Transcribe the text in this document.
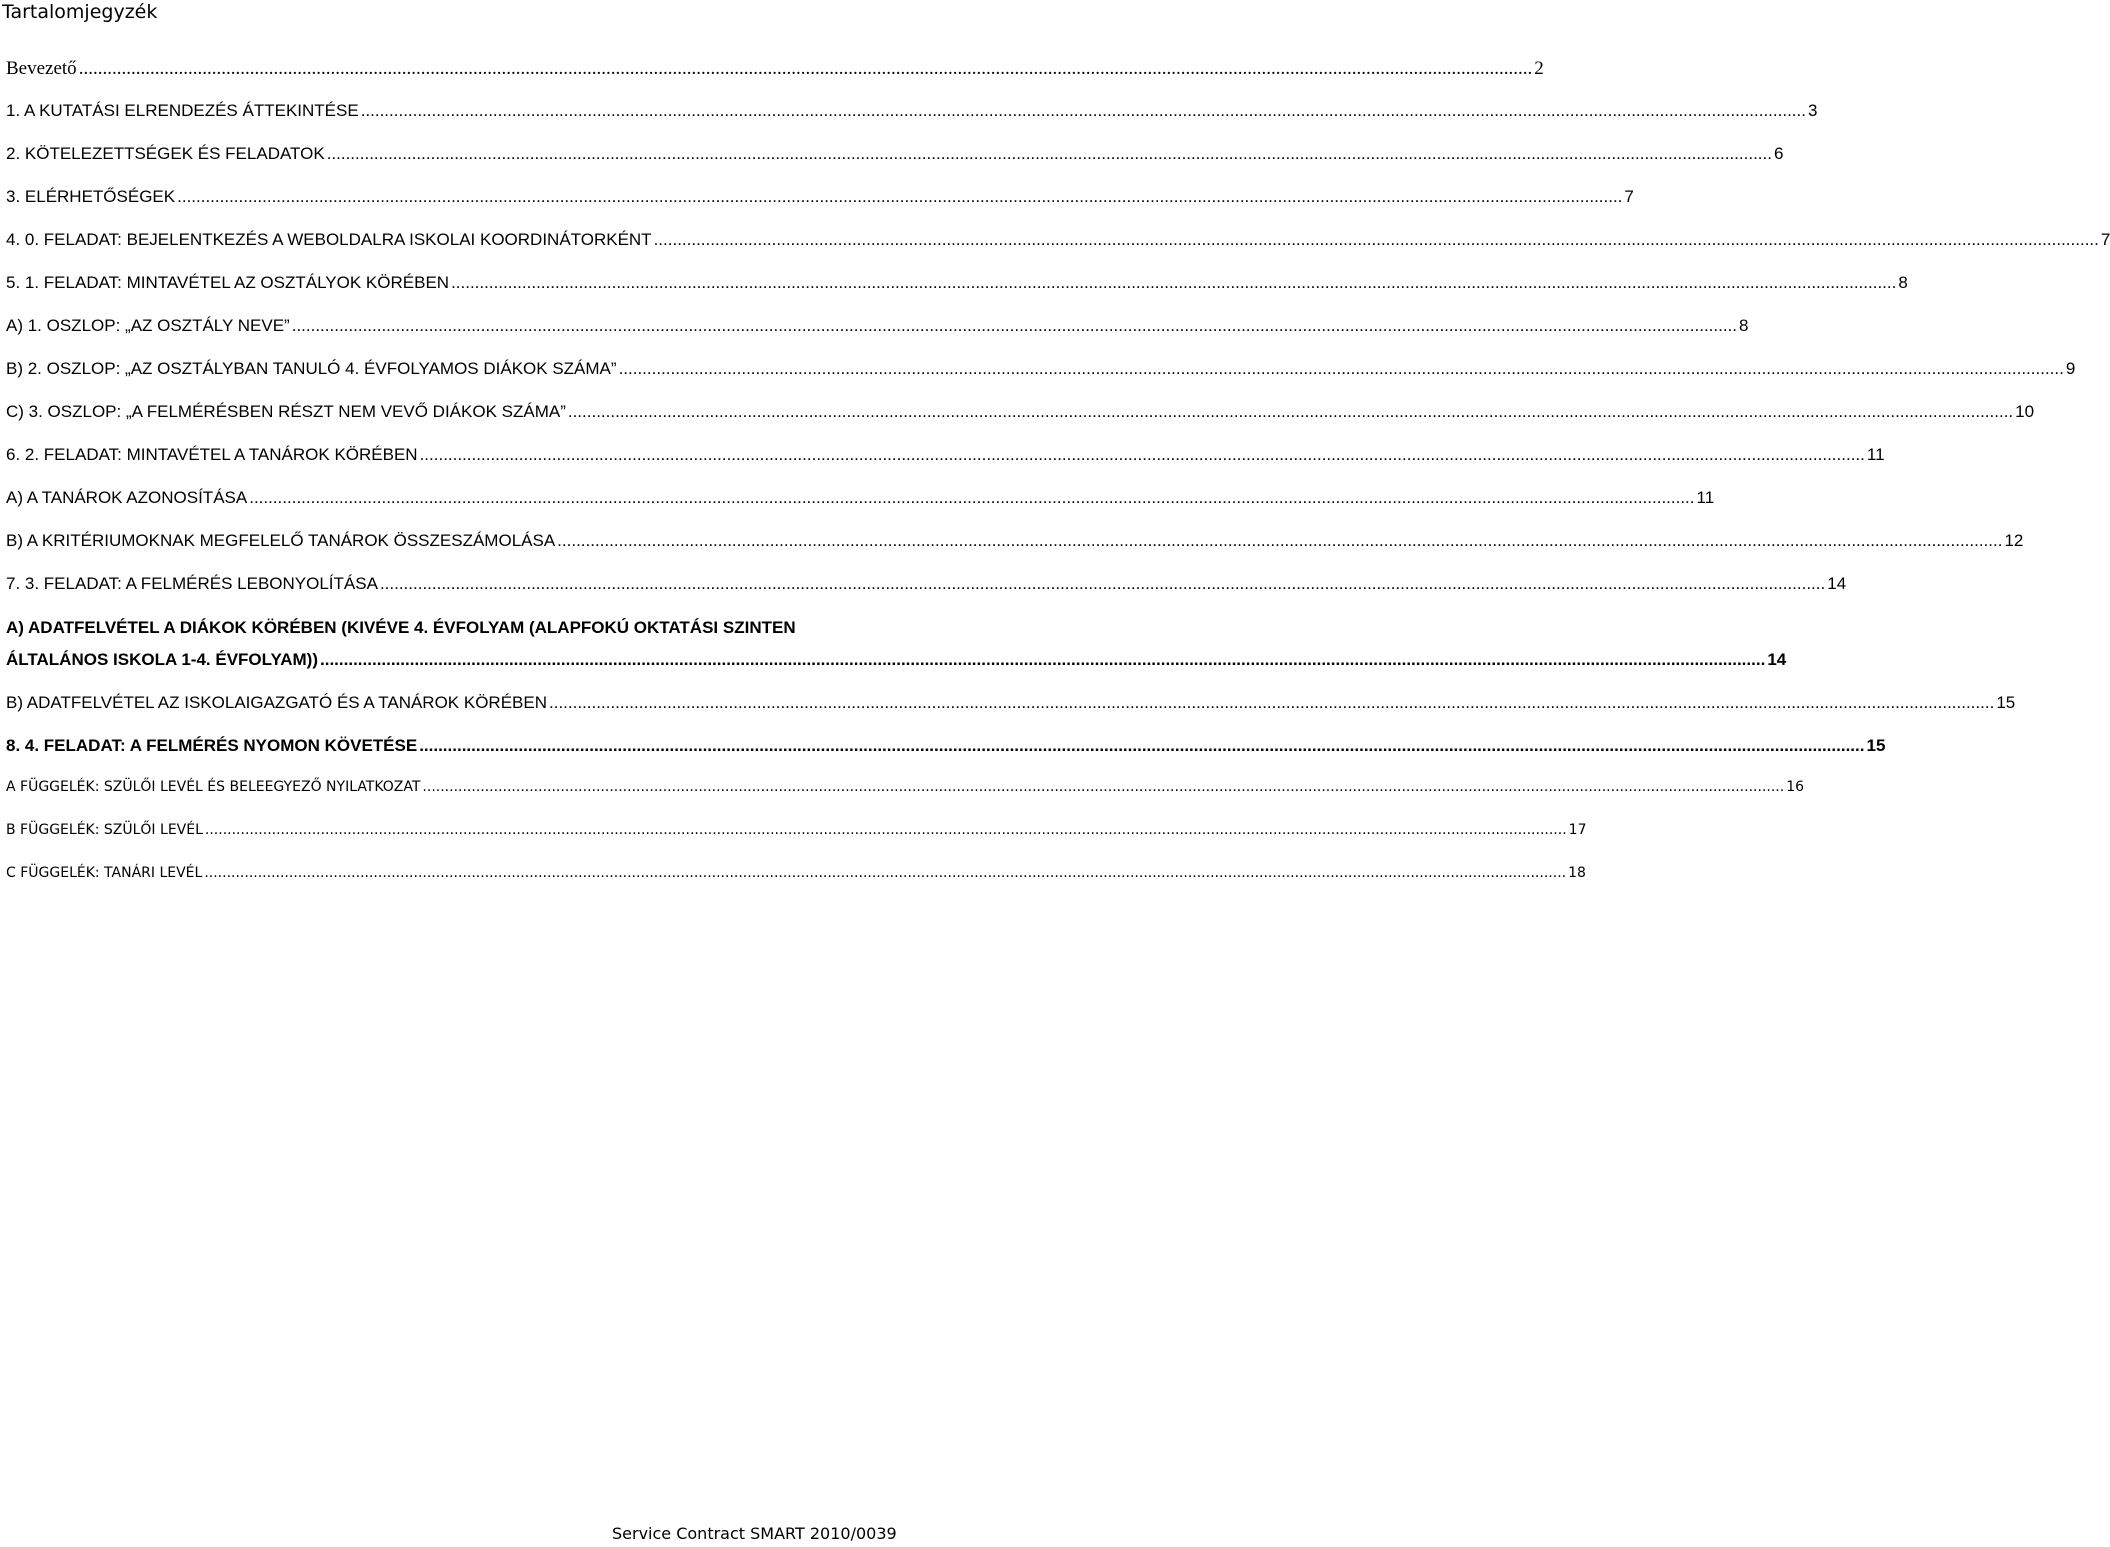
Tartalomjegyzék
Bevezető .....	2
1. A KUTATÁSI ELRENDEZÉS ÁTTEKINTÉSE .....	3
2. KÖTELEZETTSÉGEK ÉS FELADATOK .....	6
3. ELÉRHETŐSÉGEK .....	7
4. 0. FELADAT: BEJELENTKEZÉS A WEBOLDALRA ISKOLAI KOORDINÁTORKÉNT .....	7
5. 1. FELADAT: MINTAVÉTEL AZ OSZTÁLYOK KÖRÉBEN .....	8
A) 1. OSZLOP: „AZ OSZTÁLY NEVE” .....	8
B) 2. OSZLOP: „AZ OSZTÁLYBAN TANULÓ 4. ÉVFOLYAMOS DIÁKOK SZÁMA” .....	9
C) 3. OSZLOP: „A FELMÉRÉSBEN RÉSZT NEM VEVŐ DIÁKOK SZÁMA” .....	10
6. 2. FELADAT: MINTAVÉTEL A TANÁROK KÖRÉBEN .....	11
A) A TANÁROK AZONOSÍTÁSA .....	11
B) A KRITÉRIUMOKNAK MEGFELELŐ TANÁROK ÖSSZESZÁMOLÁSA .....	12
7. 3. FELADAT: A FELMÉRÉS LEBONYOLÍTÁSA .....	14
A) ADATFELVÉTEL A DIÁKOK KÖRÉBEN (KIVÉVE 4. ÉVFOLYAM (ALAPFOKÚ OKTATÁSI SZINTEN
ÁLTALÁNOS ISKOLA 1-4. ÉVFOLYAM)) .....	14
B) ADATFELVÉTEL AZ ISKOLAIGAZGATÓ ÉS A TANÁROK KÖRÉBEN .....	15
8. 4. FELADAT: A FELMÉRÉS NYOMON KÖVETÉSE .....	15
A FÜGGELÉK: SZÜLŐI LEVÉL ÉS BELEEGYEZŐ NYILATKOZAT .....	16
B FÜGGELÉK: SZÜLŐI LEVÉL .....	17
C FÜGGELÉK: TANÁRI LEVÉL .....	18
Service Contract SMART 2010/0039
